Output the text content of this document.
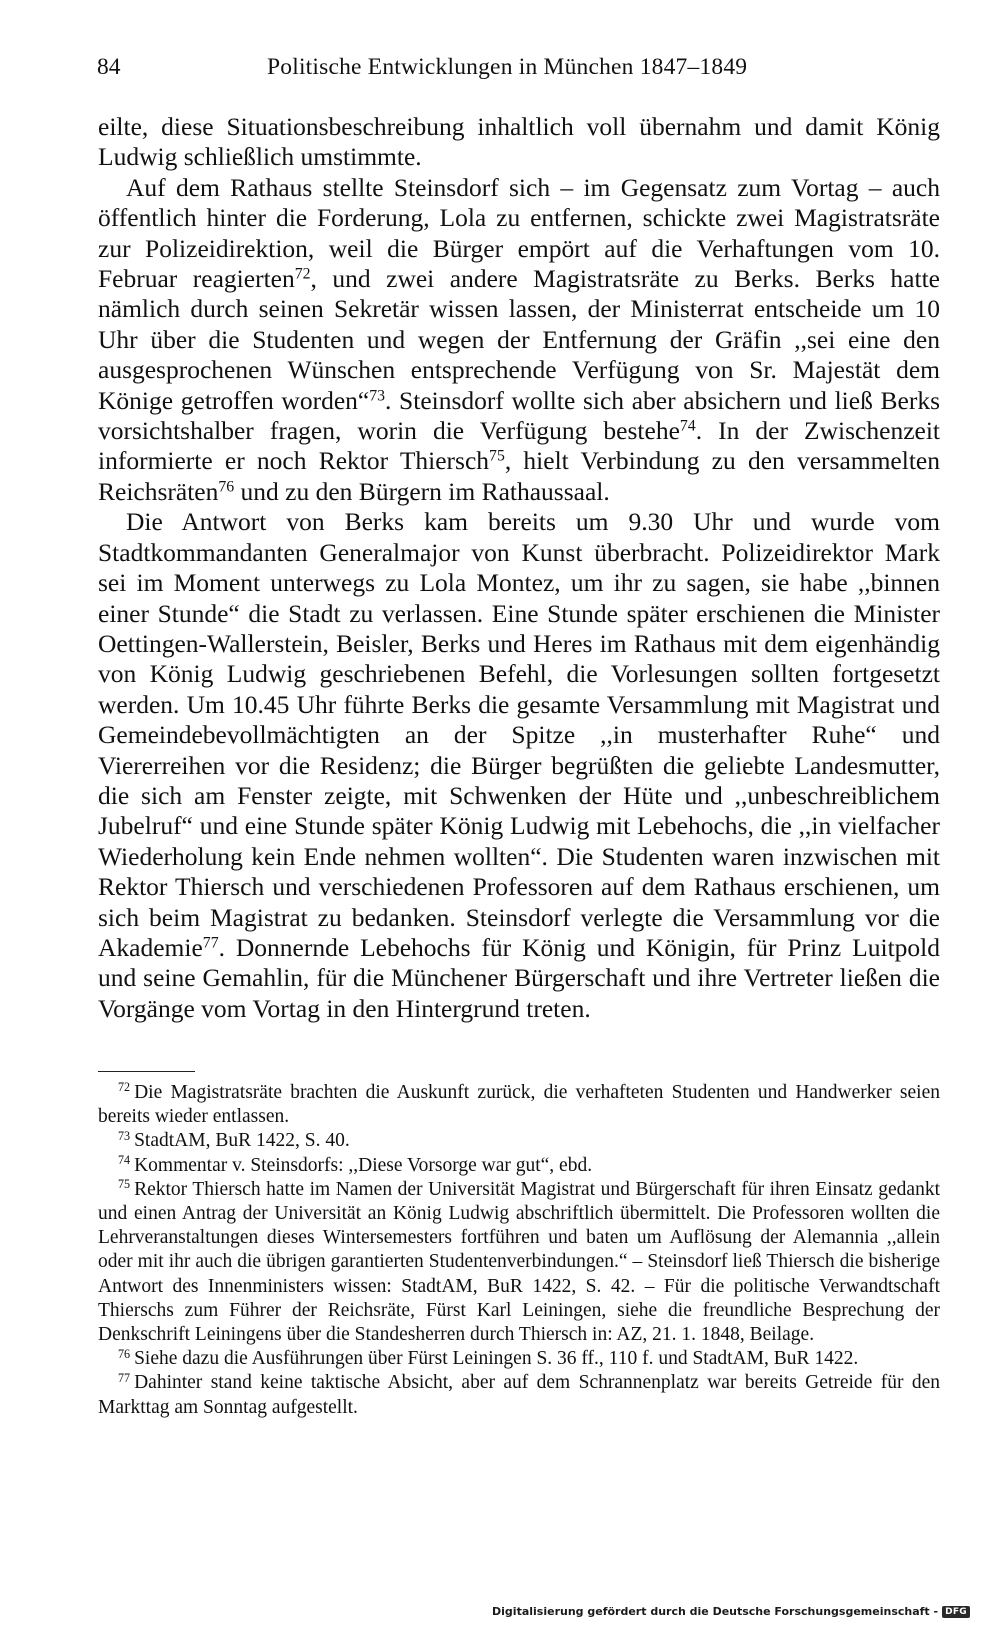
84	Politische Entwicklungen in München 1847–1849

eilte, diese Situationsbeschreibung inhaltlich voll übernahm und damit König Ludwig schließlich umstimmte.

Auf dem Rathaus stellte Steinsdorf sich – im Gegensatz zum Vortag – auch öffentlich hinter die Forderung, Lola zu entfernen, schickte zwei Magistratsräte zur Polizeidirektion, weil die Bürger empört auf die Verhaftungen vom 10. Februar reagierten$^{72}$, und zwei andere Magistratsräte zu Berks. Berks hatte nämlich durch seinen Sekretär wissen lassen, der Ministerrat entscheide um 10 Uhr über die Studenten und wegen der Entfernung der Gräfin ,,sei eine den ausgesprochenen Wünschen entsprechende Verfügung von Sr. Majestät dem Könige getroffen worden“$^{73}$. Steinsdorf wollte sich aber absichern und ließ Berks vorsichtshalber fragen, worin die Verfügung bestehe$^{74}$. In der Zwischenzeit informierte er noch Rektor Thiersch$^{75}$, hielt Verbindung zu den versammelten Reichsräten$^{76}$ und zu den Bürgern im Rathaussaal.

Die Antwort von Berks kam bereits um 9.30 Uhr und wurde vom Stadtkommandanten Generalmajor von Kunst überbracht. Polizeidirektor Mark sei im Moment unterwegs zu Lola Montez, um ihr zu sagen, sie habe ,,binnen einer Stunde“ die Stadt zu verlassen. Eine Stunde später erschienen die Minister Oettingen-Wallerstein, Beisler, Berks und Heres im Rathaus mit dem eigenhändig von König Ludwig geschriebenen Befehl, die Vorlesungen sollten fortgesetzt werden. Um 10.45 Uhr führte Berks die gesamte Versammlung mit Magistrat und Gemeindebevollmächtigten an der Spitze ,,in musterhafter Ruhe“ und Viererreihen vor die Residenz; die Bürger begrüßten die geliebte Landesmutter, die sich am Fenster zeigte, mit Schwenken der Hüte und ,,unbeschreiblichem Jubelruf“ und eine Stunde später König Ludwig mit Lebehochs, die ,,in vielfacher Wiederholung kein Ende nehmen wollten“. Die Studenten waren inzwischen mit Rektor Thiersch und verschiedenen Professoren auf dem Rathaus erschienen, um sich beim Magistrat zu bedanken. Steinsdorf verlegte die Versammlung vor die Akademie$^{77}$. Donnernde Lebehochs für König und Königin, für Prinz Luitpold und seine Gemahlin, für die Münchener Bürgerschaft und ihre Vertreter ließen die Vorgänge vom Vortag in den Hintergrund treten.

$^{72}$ Die Magistratsräte brachten die Auskunft zurück, die verhafteten Studenten und Handwerker seien bereits wieder entlassen.

$^{73}$ StadtAM, BuR 1422, S. 40.

$^{74}$ Kommentar v. Steinsdorfs: ,,Diese Vorsorge war gut“, ebd.

$^{75}$ Rektor Thiersch hatte im Namen der Universität Magistrat und Bürgerschaft für ihren Einsatz gedankt und einen Antrag der Universität an König Ludwig abschriftlich übermittelt. Die Professoren wollten die Lehrveranstaltungen dieses Wintersemesters fortführen und baten um Auflösung der Alemannia ,,allein oder mit ihr auch die übrigen garantierten Studentenverbindungen.“ – Steinsdorf ließ Thiersch die bisherige Antwort des Innenministers wissen: StadtAM, BuR 1422, S. 42. – Für die politische Verwandtschaft Thierschs zum Führer der Reichsräte, Fürst Karl Leiningen, siehe die freundliche Besprechung der Denkschrift Leiningens über die Standesherren durch Thiersch in: AZ, 21. 1. 1848, Beilage.

$^{76}$ Siehe dazu die Ausführungen über Fürst Leiningen S. 36 ff., 110 f. und StadtAM, BuR 1422.

$^{77}$ Dahinter stand keine taktische Absicht, aber auf dem Schrannenplatz war bereits Getreide für den Markttag am Sonntag aufgestellt.

Digitalisierung gefördert durch die Deutsche Forschungsgemeinschaft - DFG
